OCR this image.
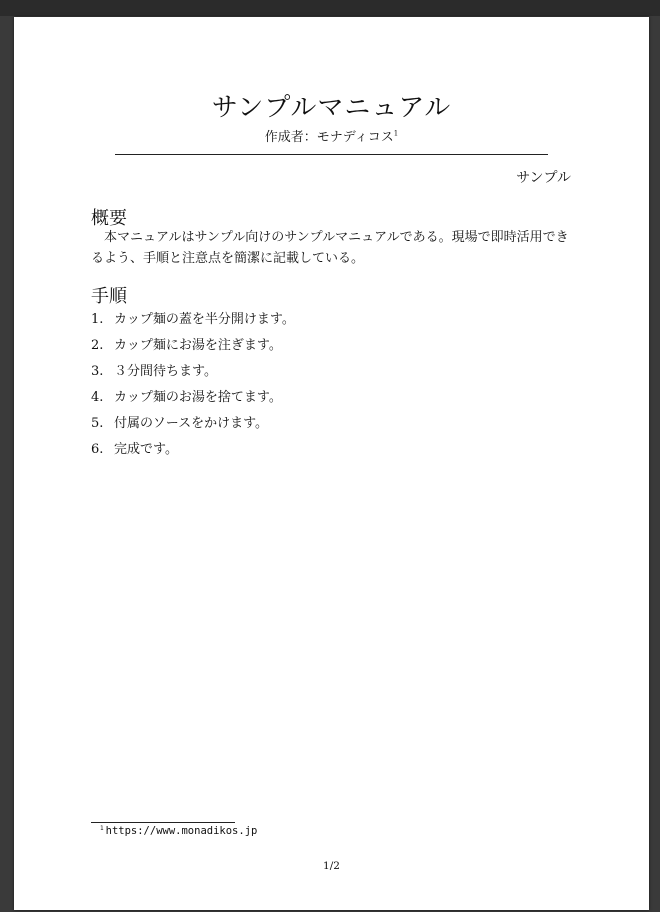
サンプルマニュアル
作成者：モナディコス$^1$
サンプル
概要

本マニュアルはサンプル向けのサンプルマニュアルである。現場で即時活用できるよう、手順と注意点を簡潔に記載している。

手順
1. カップ麺の蓋を半分開けます。
2. カップ麺にお湯を注ぎます。
3. ３分間待ちます。
4. カップ麺のお湯を捨てます。
5. 付属のソースをかけます。
6. 完成です。
$^1$ https://www.monadikos.jp
1/2
